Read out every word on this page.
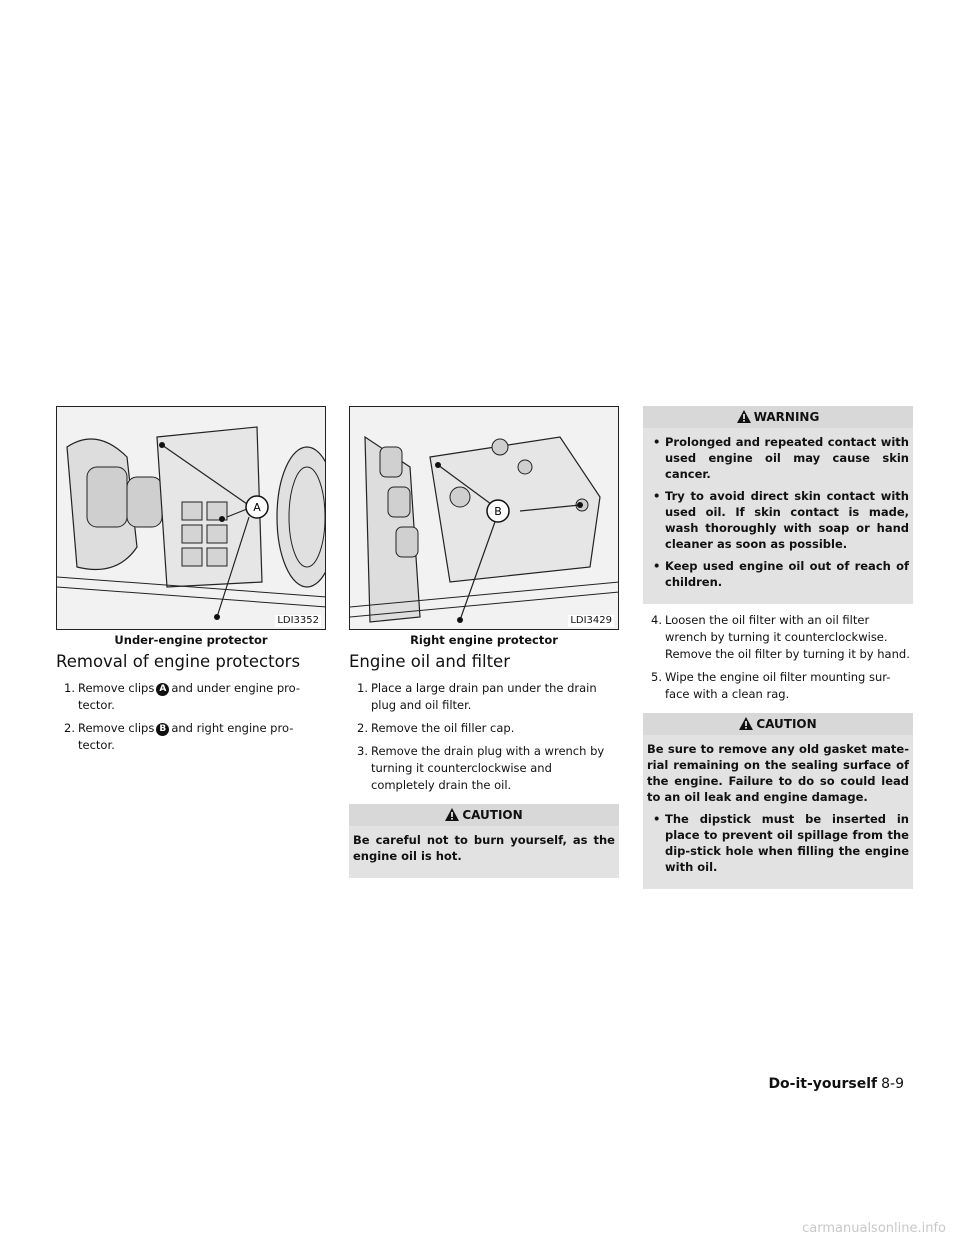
A
LDI3352
Under-engine protector
Removal of engine protectors
1. Remove clips A and under engine pro-tector.
2. Remove clips B and right engine pro-tector.
B
LDI3429
Right engine protector
Engine oil and filter
1. Place a large drain pan under the drain plug and oil filter.
2. Remove the oil filler cap.
3. Remove the drain plug with a wrench by turning it counterclockwise and completely drain the oil.
CAUTION

Be careful not to burn yourself, as the engine oil is hot.

WARNING
• Prolonged and repeated contact with used engine oil may cause skin cancer.
• Try to avoid direct skin contact with used oil. If skin contact is made, wash thoroughly with soap or hand cleaner as soon as possible.
• Keep used engine oil out of reach of children.
4. Loosen the oil filter with an oil filter wrench by turning it counterclockwise. Remove the oil filter by turning it by hand.
5. Wipe the engine oil filter mounting sur-face with a clean rag.
CAUTION

Be sure to remove any old gasket mate-rial remaining on the sealing surface of the engine. Failure to do so could lead to an oil leak and engine damage.

• The dipstick must be inserted in place to prevent oil spillage from the dip-stick hole when filling the engine with oil.
Do-it-yourself 8-9
carmanualsonline.info
